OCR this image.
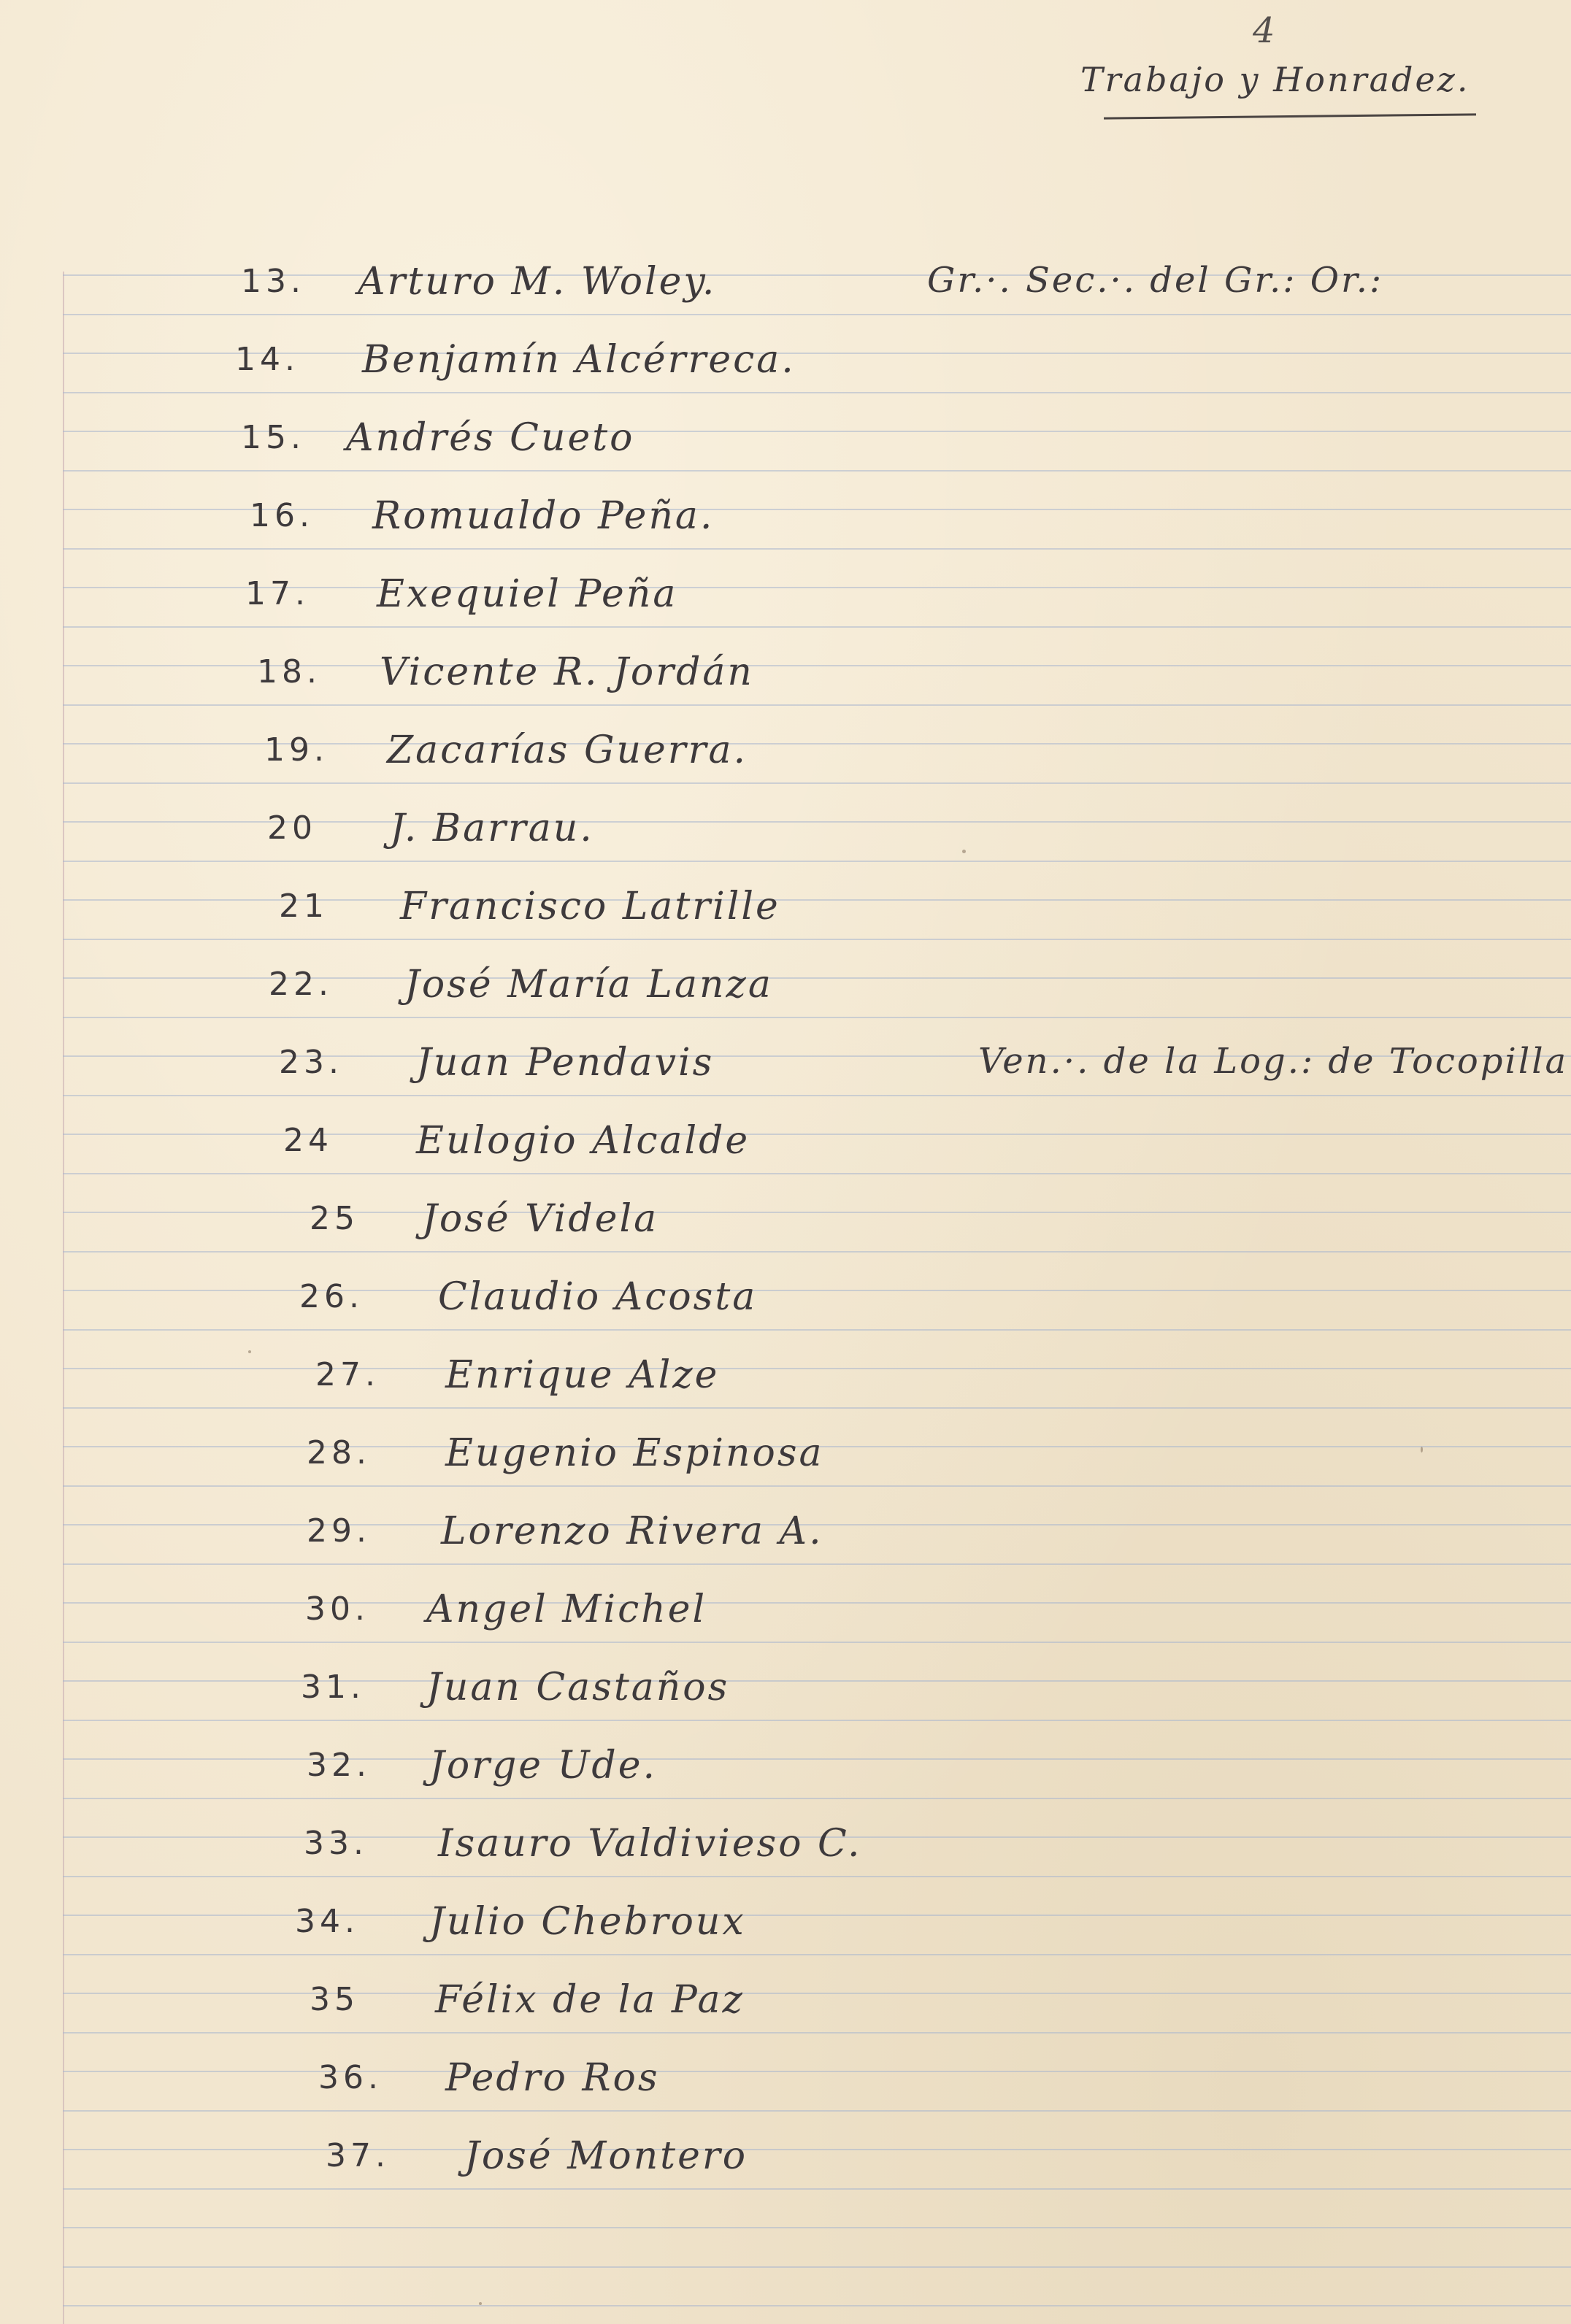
4
Trabajo y Honradez.
13. Arturo M. Woley.	Gr.·. Sec.·. del Gr.: Or.:
14. Benjamín Alcérreca.
15. Andrés Cueto
16. Romualdo Peña.
17. Exequiel Peña
18. Vicente R. Jordán
19. Zacarías Guerra.
20 J. Barrau.
21 Francisco Latrille
22. José María Lanza
23. Juan Pendavis	Ven.·. de la Log.: de Tocopilla
24 Eulogio Alcalde
25 José Videla
26. Claudio Acosta
27. Enrique Alze
28. Eugenio Espinosa
29. Lorenzo Rivera A.
30. Angel Michel
31. Juan Castaños
32. Jorge Ude.
33. Isauro Valdivieso C.
34. Julio Chebroux
35 Félix de la Paz
36. Pedro Ros
37. José Montero
